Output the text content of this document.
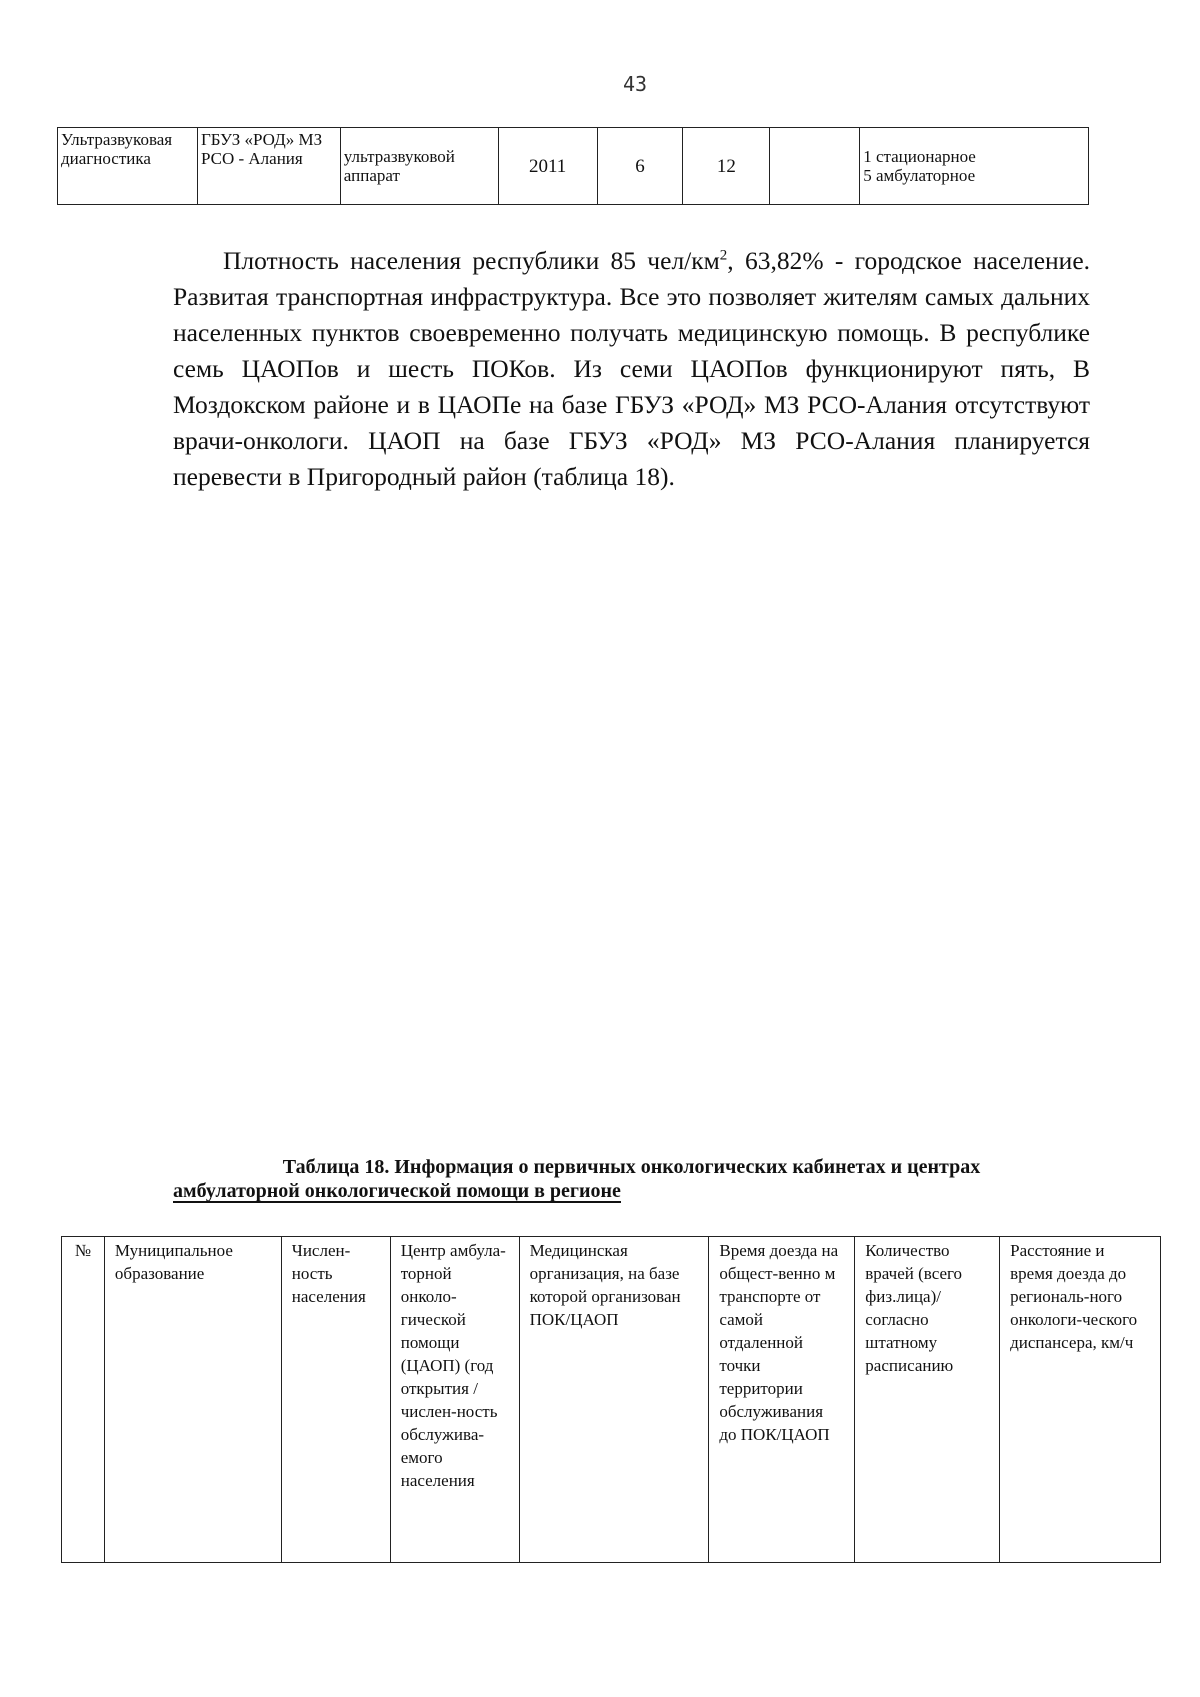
43
Ультразвуковая диагностика	ГБУЗ «РОД» МЗ РСО - Алания	ультразвуковой аппарат	2011	6	12		1 стационарное
5 амбулаторное
Плотность населения республики 85 чел/$км^2$, 63,82% - городское население. Развитая транспортная инфраструктура. Все это позволяет жителям самых дальних населенных пунктов своевременно получать медицинскую помощь. В республике семь ЦАОПов и шесть ПОКов. Из семи ЦАОПов функционируют пять, В Моздокском районе и в ЦАОПе на базе ГБУЗ «РОД» МЗ РСО-Алания отсутствуют врачи-онкологи. ЦАОП на базе ГБУЗ «РОД» МЗ РСО-Алания планируется перевести в Пригородный район (таблица 18).
Таблица 18. Информация о первичных онкологических кабинетах и центрах
амбулаторной онкологической помощи в регионе
№	Муниципальное образование	Числен-ность населения	Центр амбула-торной онколо-гической помощи (ЦАОП) (год открытия / числен-ность обслужива-емого населения	Медицинская организация, на базе которой организован ПОК/ЦАОП	Время доезда на общест-венно м транспорте от самой отдаленной точки территории обслуживания до ПОК/ЦАОП	Количество врачей (всего физ.лица)/ согласно штатному расписанию	Расстояние и время доезда до региональ-ного онкологи-ческого диспансера, км/ч
